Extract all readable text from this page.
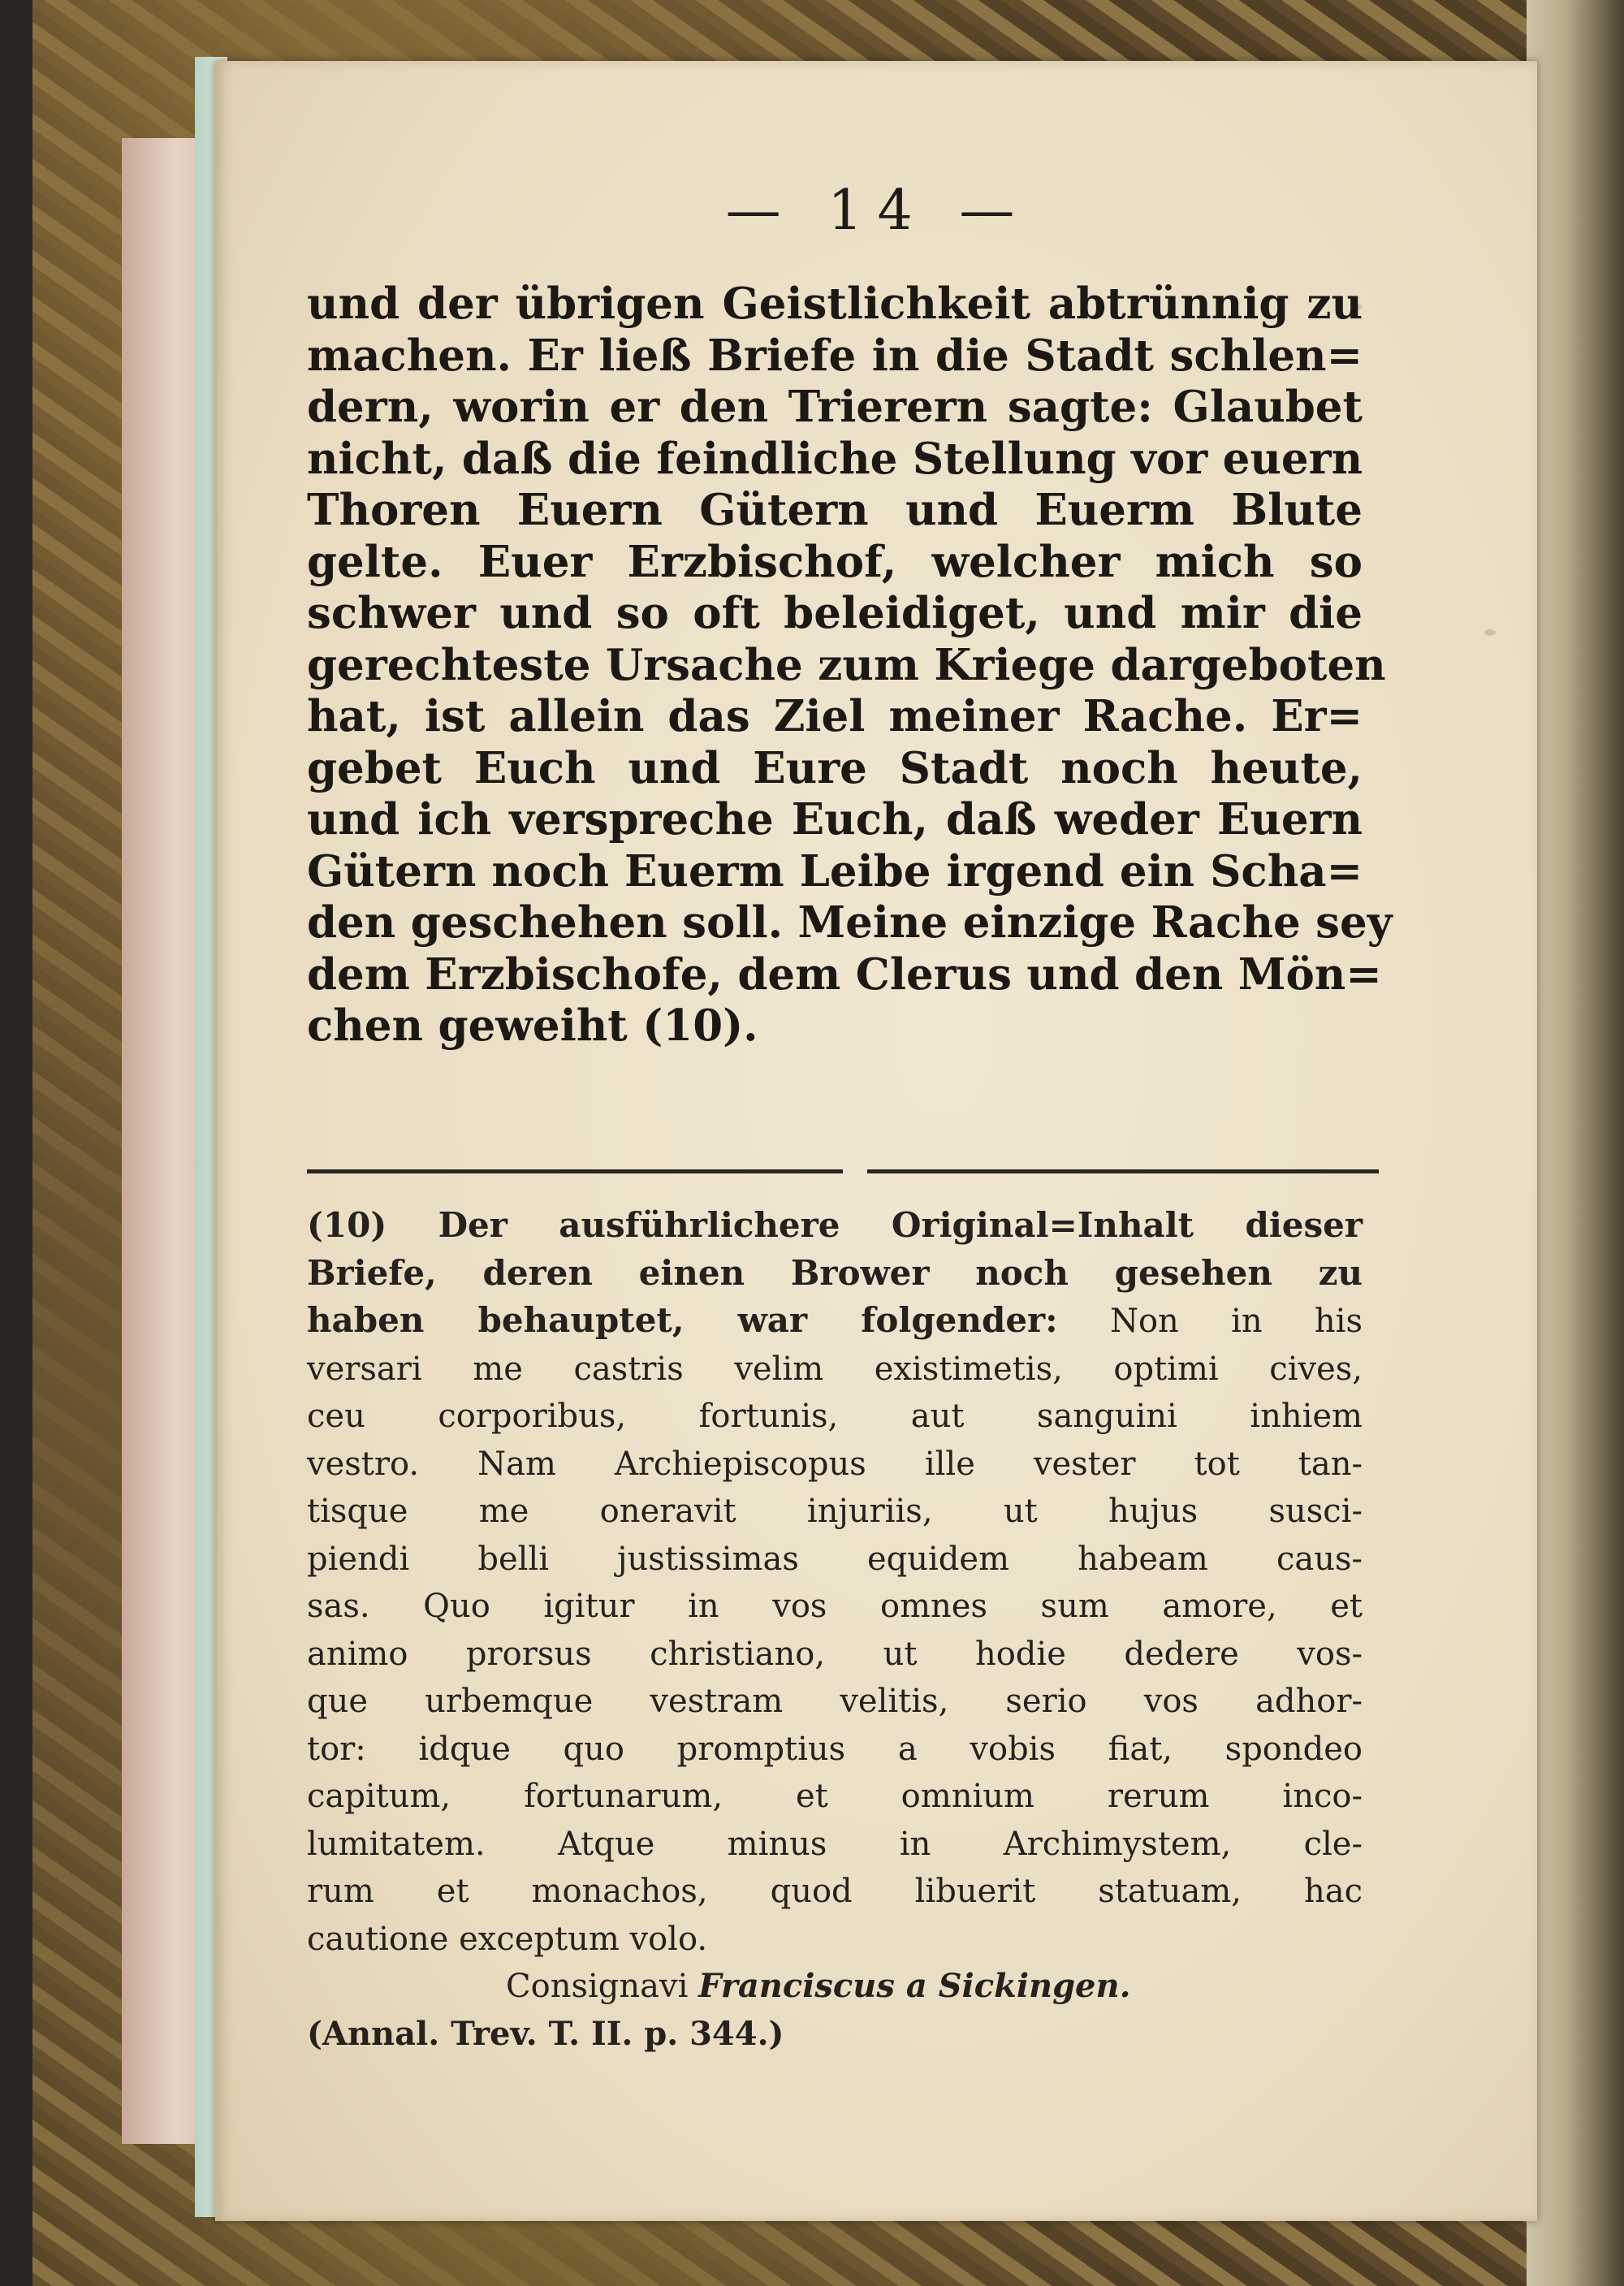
— 14 —
und der übrigen Geistlichkeit abtrünnig zu
machen. Er ließ Briefe in die Stadt schlen=
dern, worin er den Trierern sagte: Glaubet
nicht, daß die feindliche Stellung vor euern
Thoren Euern Gütern und Euerm Blute
gelte. Euer Erzbischof, welcher mich so
schwer und so oft beleidiget, und mir die
gerechteste Ursache zum Kriege dargeboten
hat, ist allein das Ziel meiner Rache. Er=
gebet Euch und Eure Stadt noch heute,
und ich verspreche Euch, daß weder Euern
Gütern noch Euerm Leibe irgend ein Scha=
den geschehen soll. Meine einzige Rache sey
dem Erzbischofe, dem Clerus und den Mön=
chen geweiht (10).
(10) Der ausführlichere Original=Inhalt dieser
Briefe, deren einen Brower noch gesehen zu
haben behauptet, war folgender: Non in his
versari me castris velim existimetis, optimi cives,
ceu corporibus, fortunis, aut sanguini inhiem
vestro. Nam Archiepiscopus ille vester tot tan-
tisque me oneravit injuriis, ut hujus susci-
piendi belli justissimas equidem habeam caus-
sas. Quo igitur in vos omnes sum amore, et
animo prorsus christiano, ut hodie dedere vos-
que urbemque vestram velitis, serio vos adhor-
tor: idque quo promptius a vobis fiat, spondeo
capitum, fortunarum, et omnium rerum inco-
lumitatem. Atque minus in Archimystem, cle-
rum et monachos, quod libuerit statuam, hac
cautione exceptum volo.
Consignavi Franciscus a Sickingen.
(Annal. Trev. T. II. p. 344.)
